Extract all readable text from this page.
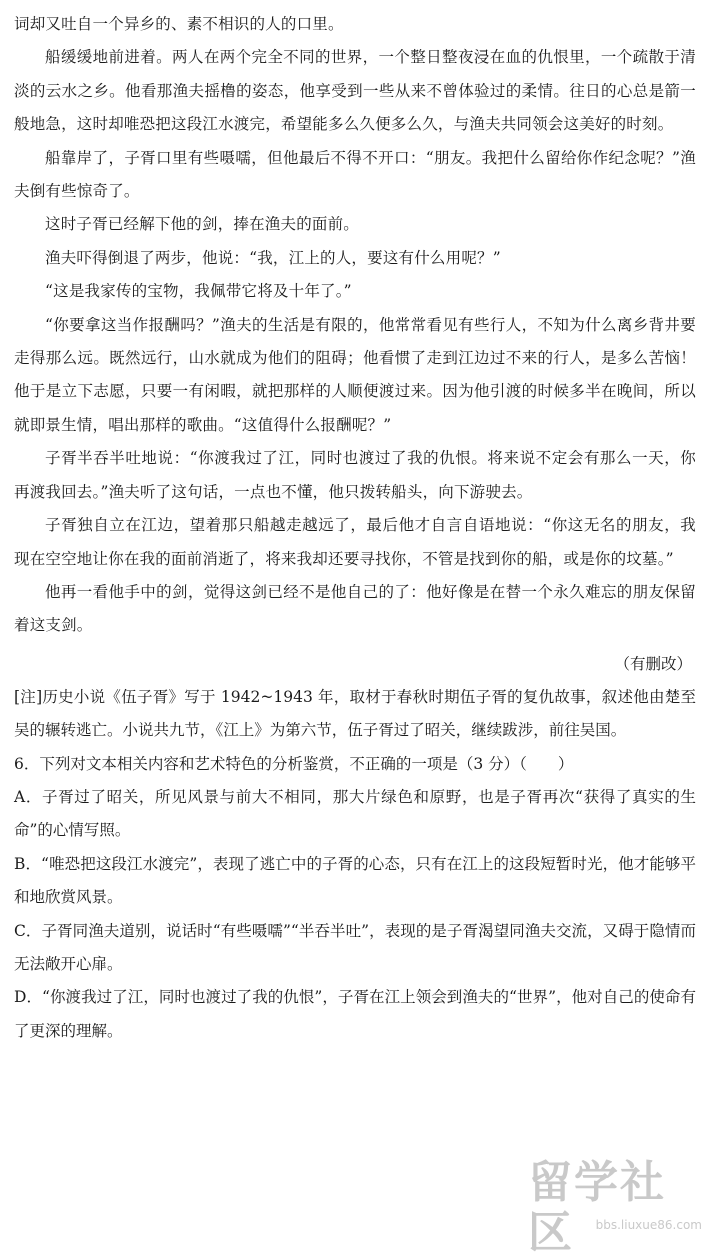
词却又吐自一个异乡的、素不相识的人的口里。

船缓缓地前进着。两人在两个完全不同的世界，一个整日整夜浸在血的仇恨里，一个疏散于清淡的云水之乡。他看那渔夫摇橹的姿态，他享受到一些从来不曾体验过的柔情。往日的心总是箭一般地急，这时却唯恐把这段江水渡完，希望能多么久便多么久，与渔夫共同领会这美好的时刻。

船靠岸了，子胥口里有些嗫嚅，但他最后不得不开口：“朋友。我把什么留给你作纪念呢？”渔夫倒有些惊奇了。

这时子胥已经解下他的剑，捧在渔夫的面前。

渔夫吓得倒退了两步，他说：“我，江上的人，要这有什么用呢？”

“这是我家传的宝物，我佩带它将及十年了。”

“你要拿这当作报酬吗？”渔夫的生活是有限的，他常常看见有些行人，不知为什么离乡背井要走得那么远。既然远行，山水就成为他们的阻碍；他看惯了走到江边过不来的行人，是多么苦恼！他于是立下志愿，只要一有闲暇，就把那样的人顺便渡过来。因为他引渡的时候多半在晚间，所以就即景生情，唱出那样的歌曲。“这值得什么报酬呢？”

子胥半吞半吐地说：“你渡我过了江，同时也渡过了我的仇恨。将来说不定会有那么一天，你再渡我回去。”渔夫听了这句话，一点也不懂，他只拨转船头，向下游驶去。

子胥独自立在江边，望着那只船越走越远了，最后他才自言自语地说：“你这无名的朋友，我现在空空地让你在我的面前消逝了，将来我却还要寻找你，不管是找到你的船，或是你的坟墓。”

他再一看他手中的剑，觉得这剑已经不是他自己的了：他好像是在替一个永久难忘的朋友保留着这支剑。

（有删改）

[注]历史小说《伍子胥》写于 1942~1943 年，取材于春秋时期伍子胥的复仇故事，叙述他由楚至吴的辗转逃亡。小说共九节，《江上》为第六节，伍子胥过了昭关，继续跋涉，前往吴国。

6．下列对文本相关内容和艺术特色的分析鉴赏，不正确的一项是（3 分）（　　）

A．子胥过了昭关，所见风景与前大不相同，那大片绿色和原野，也是子胥再次“获得了真实的生命”的心情写照。

B．“唯恐把这段江水渡完”，表现了逃亡中的子胥的心态，只有在江上的这段短暂时光，他才能够平和地欣赏风景。

C．子胥同渔夫道别，说话时“有些嗫嚅”“半吞半吐”，表现的是子胥渴望同渔夫交流，又碍于隐情而无法敞开心扉。

D．“你渡我过了江，同时也渡过了我的仇恨”，子胥在江上领会到渔夫的“世界”，他对自己的使命有了更深的理解。

留学社区	bbs.liuxue86.com
